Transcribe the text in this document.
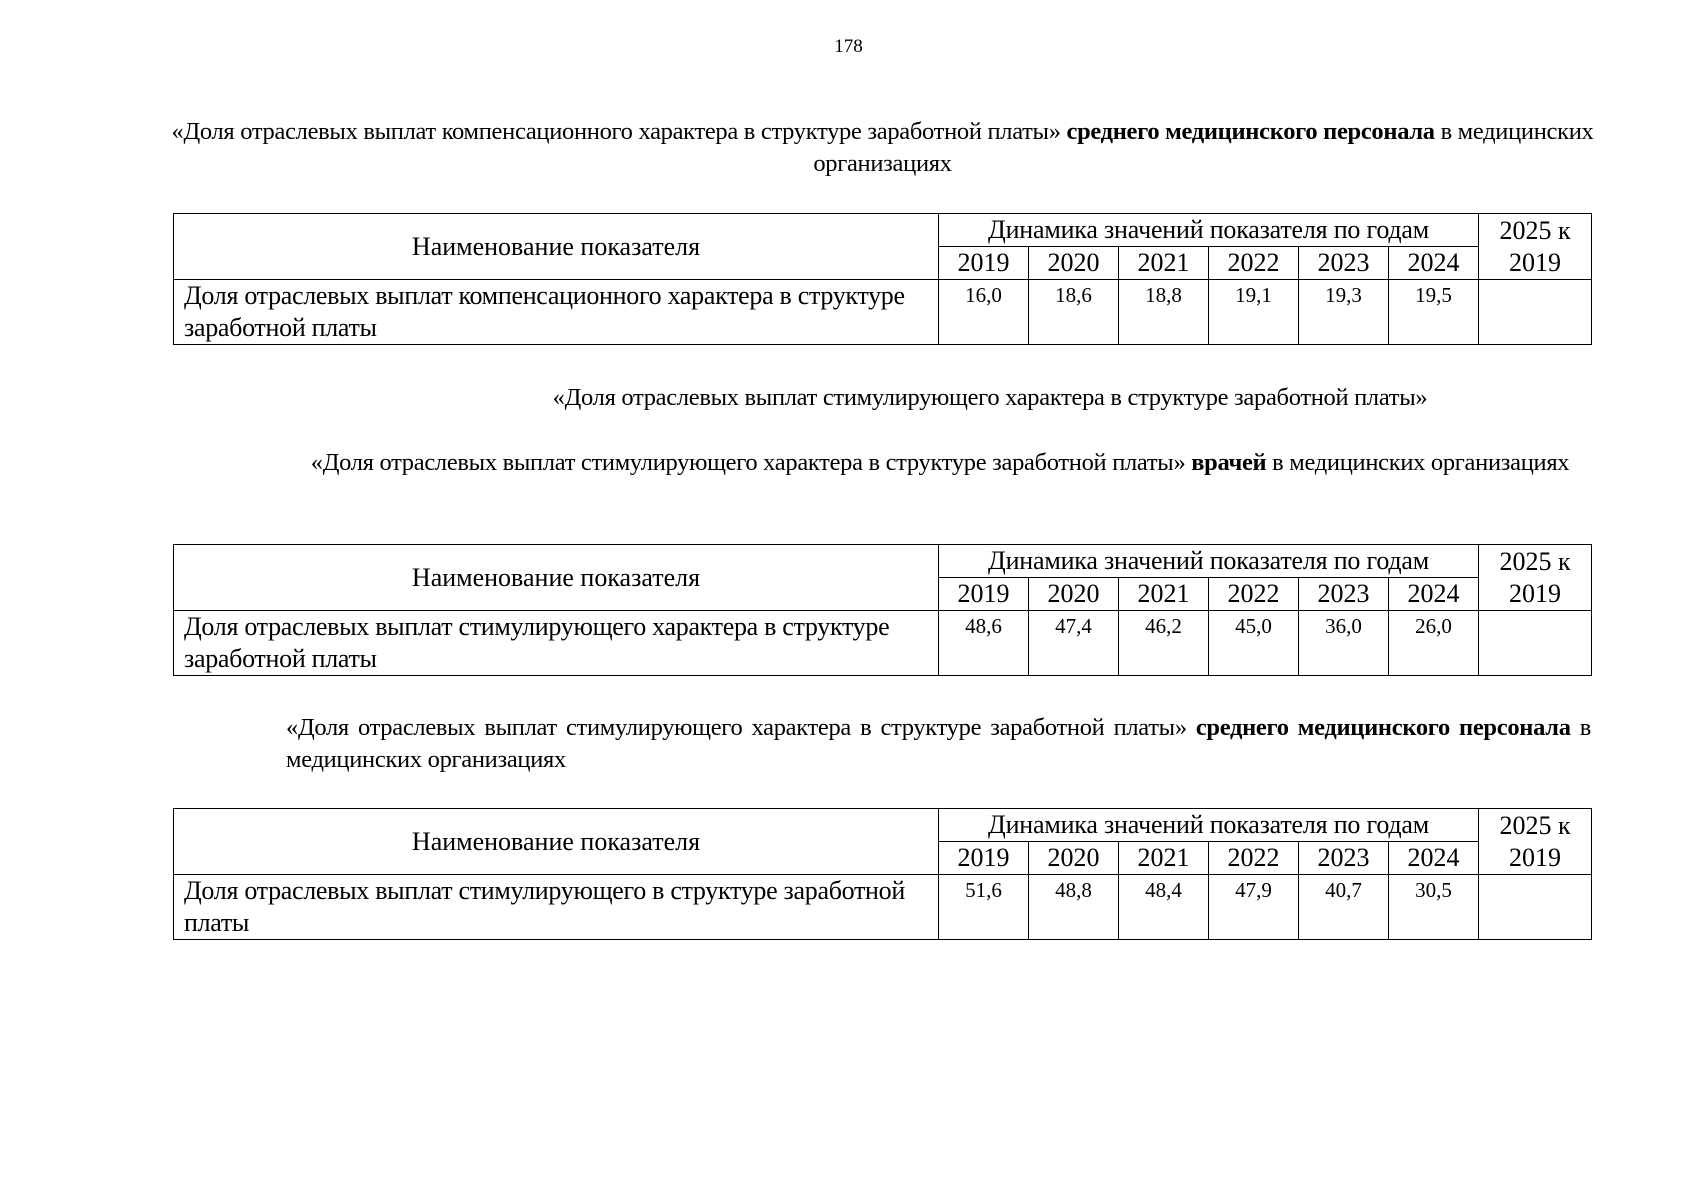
178
«Доля отраслевых выплат компенсационного характера в структуре заработной платы» среднего медицинского персонала в медицинских организациях
Наименование показателя	Динамика значений показателя по годам						2025 к 2019
	2019	2020	2021	2022	2023	2024	
Доля отраслевых выплат компенсационного характера в структуре заработной платы	16,0	18,6	18,8	19,1	19,3	19,5	
«Доля отраслевых выплат стимулирующего характера в структуре заработной платы»
«Доля отраслевых выплат стимулирующего характера в структуре заработной платы» врачей в медицинских организациях
Наименование показателя	Динамика значений показателя по годам						2025 к 2019
	2019	2020	2021	2022	2023	2024	
Доля отраслевых выплат стимулирующего характера в структуре заработной платы	48,6	47,4	46,2	45,0	36,0	26,0	
«Доля отраслевых выплат стимулирующего характера в структуре заработной платы» среднего медицинского персонала в медицинских организациях
Наименование показателя	Динамика значений показателя по годам						2025 к 2019
	2019	2020	2021	2022	2023	2024	
Доля отраслевых выплат стимулирующего в структуре заработной платы	51,6	48,8	48,4	47,9	40,7	30,5	
